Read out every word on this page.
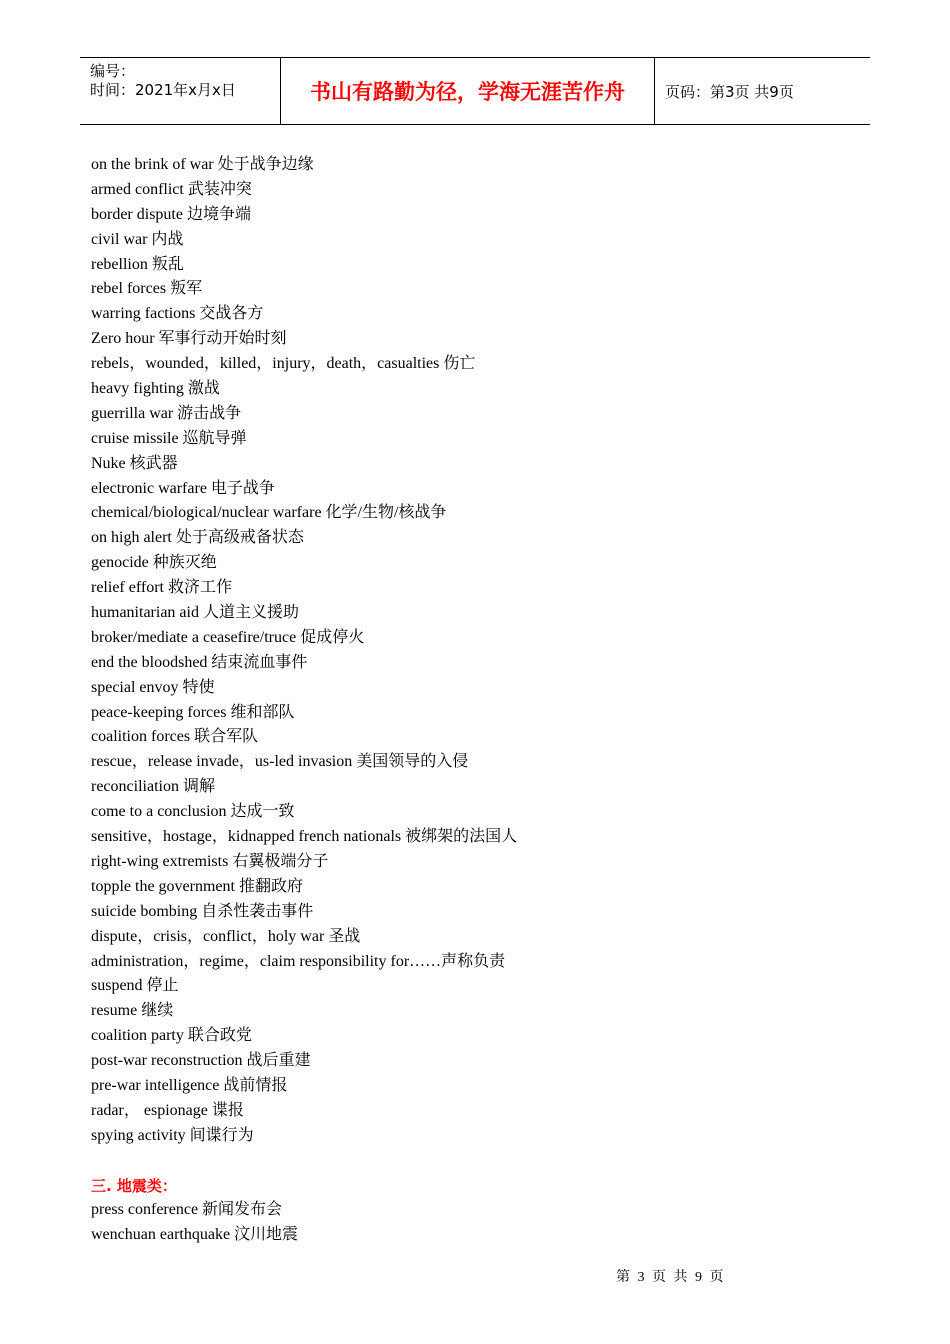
编号：
时间：2021年x月x日	书山有路勤为径，学海无涯苦作舟	页码：第3页 共9页
on the brink of war 处于战争边缘
armed conflict 武装冲突
border dispute 边境争端
civil war 内战
rebellion 叛乱
rebel forces 叛军
warring factions 交战各方
Zero hour 军事行动开始时刻
rebels，wounded，killed，injury，death，casualties 伤亡
heavy fighting 激战
guerrilla war 游击战争
cruise missile 巡航导弹
Nuke 核武器
electronic warfare 电子战争
chemical/biological/nuclear warfare 化学/生物/核战争
on high alert 处于高级戒备状态
genocide 种族灭绝
relief effort 救济工作
humanitarian aid 人道主义援助
broker/mediate a ceasefire/truce 促成停火
end the bloodshed 结束流血事件
special envoy 特使
peace-keeping forces 维和部队
coalition forces 联合军队
rescue，release invade，us-led invasion 美国领导的入侵
reconciliation 调解
come to a conclusion 达成一致
sensitive，hostage，kidnapped french nationals 被绑架的法国人
right-wing extremists 右翼极端分子
topple the government 推翻政府
suicide bombing 自杀性袭击事件
dispute，crisis，conflict，holy war 圣战
administration，regime，claim responsibility for……声称负责
suspend 停止
resume 继续
coalition party 联合政党
post-war reconstruction 战后重建
pre-war intelligence 战前情报
radar， espionage 谍报
spying activity 间谍行为
三. 地震类：
press conference 新闻发布会
wenchuan earthquake 汶川地震
第 3 页 共 9 页
